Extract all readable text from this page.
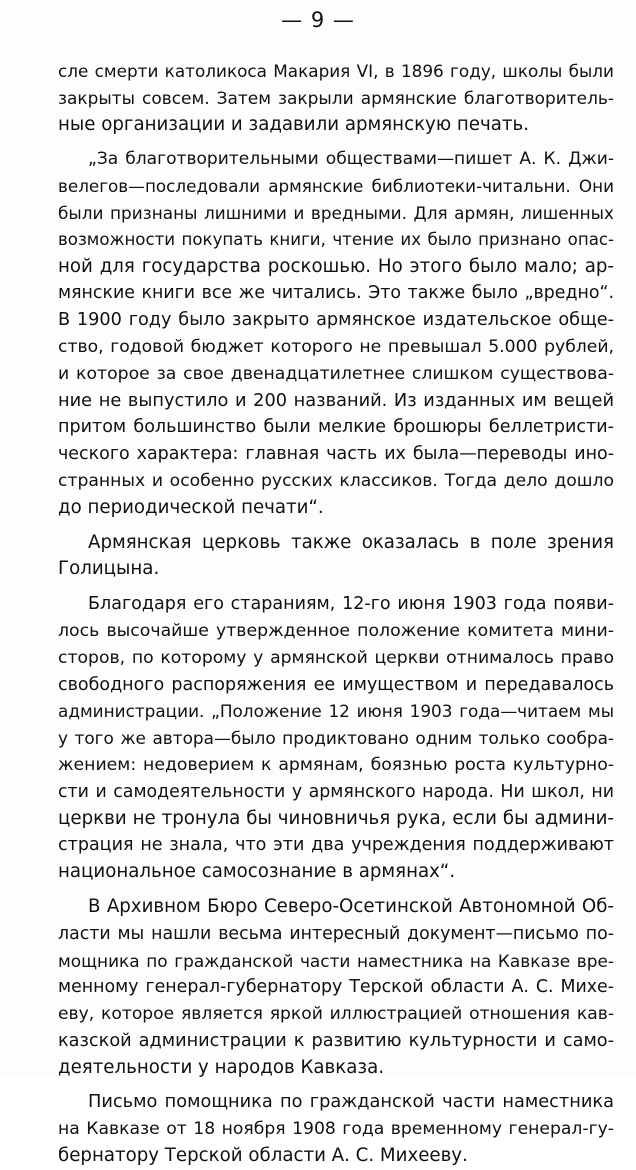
— 9 —
сле смерти католикоса Макария VI, в 1896 году, школы были
закрыты совсем. Затем закрыли армянские благотворитель-
ные организации и задавили армянскую печать.
„За благотворительными обществами—пишет А. К. Джи-
велегов—последовали армянские библиотеки-читальни. Они
были признаны лишними и вредными. Для армян, лишенных
возможности покупать книги, чтение их было признано опас-
ной для государства роскошью. Но этого было мало; ар-
мянские книги все же читались. Это также было „вредно“.
В 1900 году было закрыто армянское издательское обще-
ство, годовой бюджет которого не превышал 5.000 рублей,
и которое за свое двенадцатилетнее слишком существова-
ние не выпустило и 200 названий. Из изданных им вещей
притом большинство были мелкие брошюры беллетристи-
ческого характера: главная часть их была—переводы ино-
странных и особенно русских классиков. Тогда дело дошло
до периодической печати“.
Армянская церковь также оказалась в поле зрения
Голицына.
Благодаря его стараниям, 12-го июня 1903 года появи-
лось высочайше утвержденное положение комитета мини-
сторов, по которому у армянской церкви отнималось право
свободного распоряжения ее имуществом и передавалось
администрации. „Положение 12 июня 1903 года—читаем мы
у того же автора—было продиктовано одним только сообра-
жением: недоверием к армянам, боязнью роста культурно-
сти и самодеятельности у армянского народа. Ни школ, ни
церкви не тронула бы чиновничья рука, если бы админи-
страция не знала, что эти два учреждения поддерживают
национальное самосознание в армянах“.
В Архивном Бюро Северо-Осетинской Автономной Об-
ласти мы нашли весьма интересный документ—письмо по-
мощника по гражданской части наместника на Кавказе вре-
менному генерал-губернатору Терской области А. С. Михе-
еву, которое является яркой иллюстрацией отношения кав-
казской администрации к развитию культурности и само-
деятельности у народов Кавказа.
Письмо помощника по гражданской части наместника
на Кавказе от 18 ноября 1908 года временному генерал-гу-
бернатору Терской области А. С. Михееву.
